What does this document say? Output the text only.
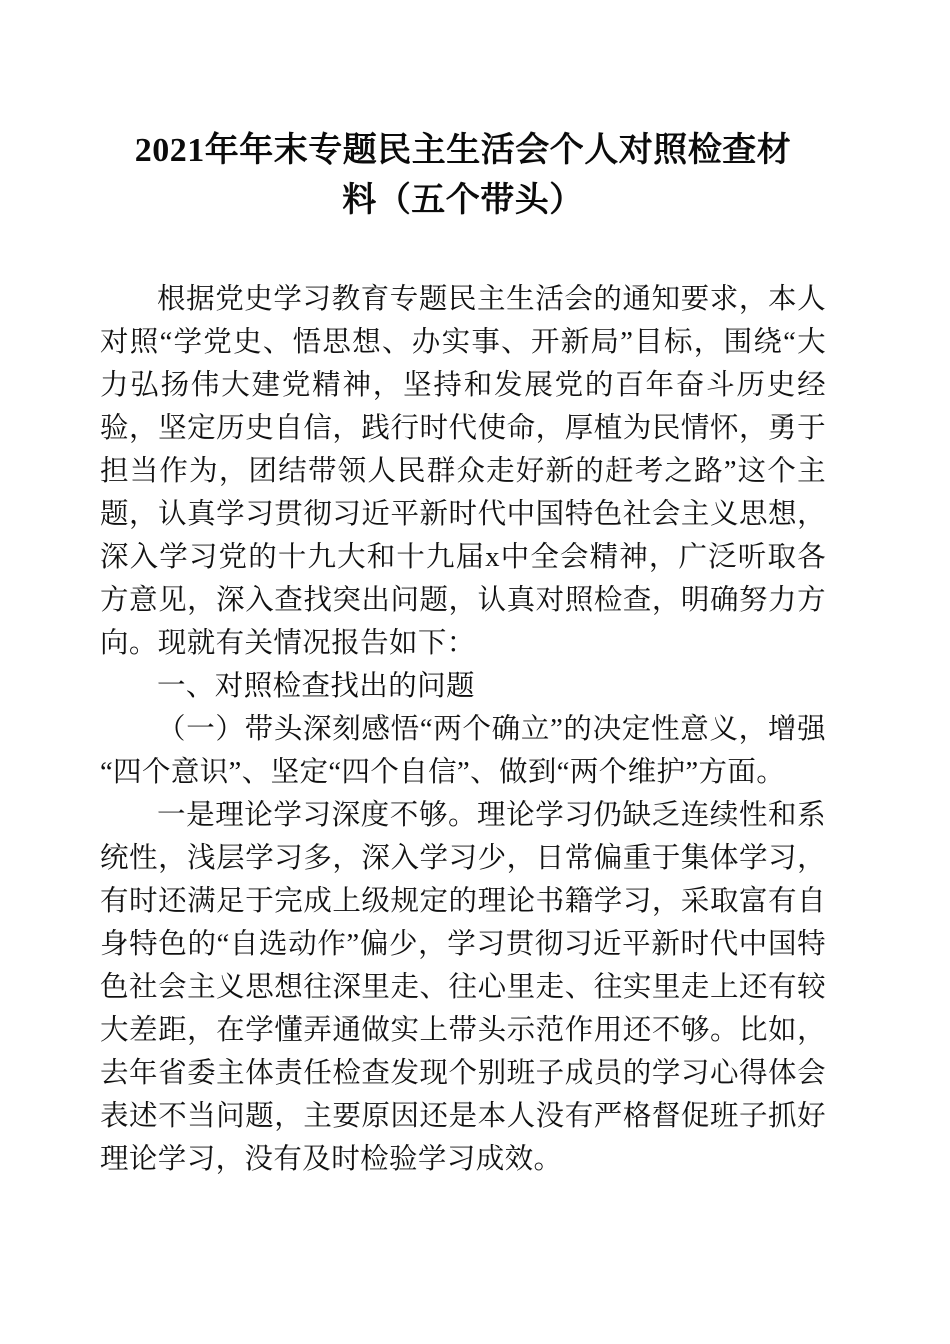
2021年年末专题民主生活会个人对照检查材
料（五个带头）

根据党史学习教育专题民主生活会的通知要求，本人对照“学党史、悟思想、办实事、开新局”目标，围绕“大力弘扬伟大建党精神，坚持和发展党的百年奋斗历史经验，坚定历史自信，践行时代使命，厚植为民情怀，勇于担当作为，团结带领人民群众走好新的赶考之路”这个主题，认真学习贯彻习近平新时代中国特色社会主义思想，深入学习党的十九大和十九届x中全会精神，广泛听取各方意见，深入查找突出问题，认真对照检查，明确努力方向。现就有关情况报告如下：

一、对照检查找出的问题

（一）带头深刻感悟“两个确立”的决定性意义，增强“四个意识”、坚定“四个自信”、做到“两个维护”方面。

一是理论学习深度不够。理论学习仍缺乏连续性和系统性，浅层学习多，深入学习少，日常偏重于集体学习，有时还满足于完成上级规定的理论书籍学习，采取富有自身特色的“自选动作”偏少，学习贯彻习近平新时代中国特色社会主义思想往深里走、往心里走、往实里走上还有较大差距，在学懂弄通做实上带头示范作用还不够。比如，去年省委主体责任检查发现个别班子成员的学习心得体会表述不当问题，主要原因还是本人没有严格督促班子抓好理论学习，没有及时检验学习成效。
